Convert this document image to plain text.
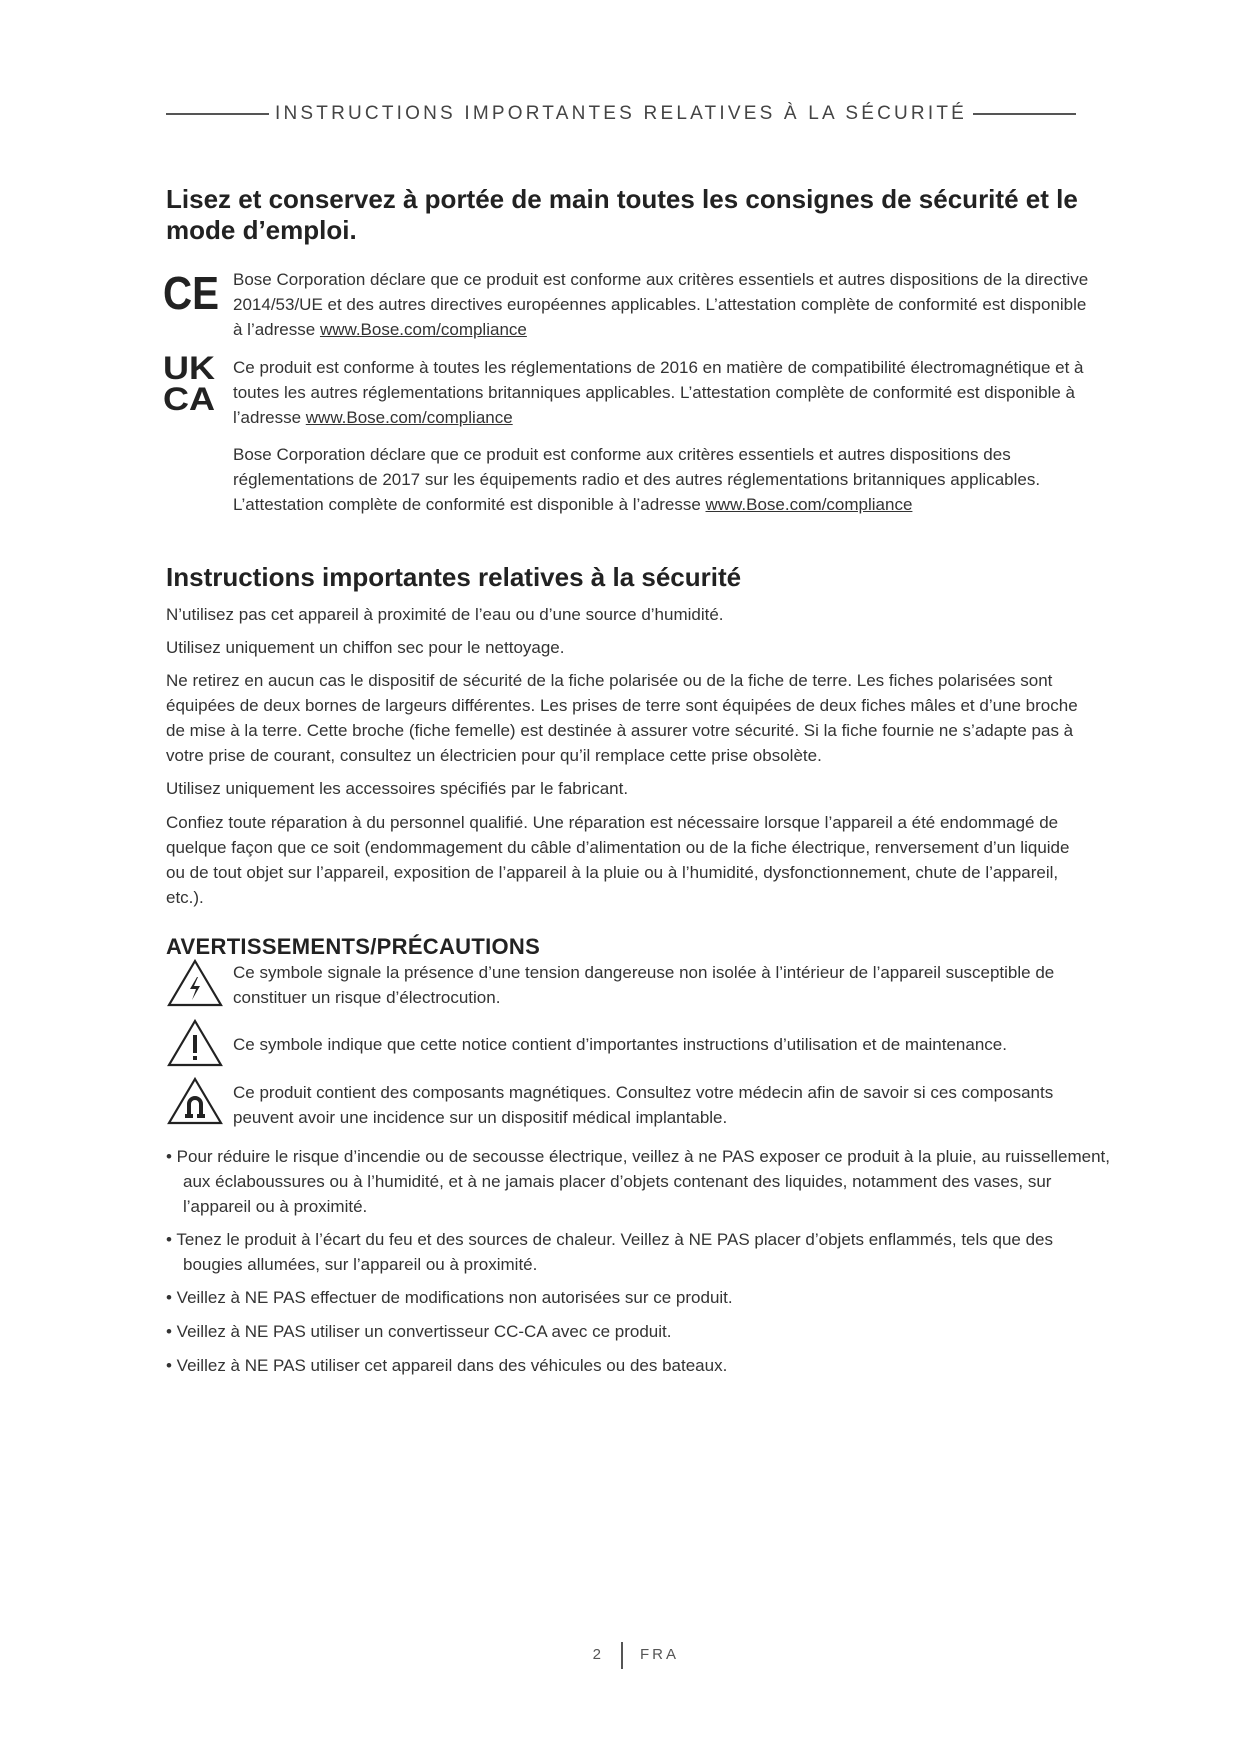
INSTRUCTIONS IMPORTANTES RELATIVES À LA SÉCURITÉ
Lisez et conservez à portée de main toutes les consignes de sécurité et le mode d’emploi.
CE Bose Corporation déclare que ce produit est conforme aux critères essentiels et autres dispositions de la directive 2014/53/UE et des autres directives européennes applicables. L’attestation complète de conformité est disponible à l’adresse www.Bose.com/compliance

UK
CA

Ce produit est conforme à toutes les réglementations de 2016 en matière de compatibilité électromagnétique et à toutes les autres réglementations britanniques applicables. L’attestation complète de conformité est disponible à l’adresse www.Bose.com/compliance

Bose Corporation déclare que ce produit est conforme aux critères essentiels et autres dispositions des réglementations de 2017 sur les équipements radio et des autres réglementations britanniques applicables. L’attestation complète de conformité est disponible à l’adresse www.Bose.com/compliance

Instructions importantes relatives à la sécurité

N’utilisez pas cet appareil à proximité de l’eau ou d’une source d’humidité.

Utilisez uniquement un chiffon sec pour le nettoyage.

Ne retirez en aucun cas le dispositif de sécurité de la fiche polarisée ou de la fiche de terre. Les fiches polarisées sont équipées de deux bornes de largeurs différentes. Les prises de terre sont équipées de deux fiches mâles et d’une broche de mise à la terre. Cette broche (fiche femelle) est destinée à assurer votre sécurité. Si la fiche fournie ne s’adapte pas à votre prise de courant, consultez un électricien pour qu’il remplace cette prise obsolète.

Utilisez uniquement les accessoires spécifiés par le fabricant.

Confiez toute réparation à du personnel qualifié. Une réparation est nécessaire lorsque l’appareil a été endommagé de quelque façon que ce soit (endommagement du câble d’alimentation ou de la fiche électrique, renversement d’un liquide ou de tout objet sur l’appareil, exposition de l’appareil à la pluie ou à l’humidité, dysfonctionnement, chute de l’appareil, etc.).

AVERTISSEMENTS/PRÉCAUTIONS

Ce symbole signale la présence d’une tension dangereuse non isolée à l’intérieur de l’appareil susceptible de constituer un risque d’électrocution.

Ce symbole indique que cette notice contient d’importantes instructions d’utilisation et de maintenance.

Ce produit contient des composants magnétiques. Consultez votre médecin afin de savoir si ces composants peuvent avoir une incidence sur un dispositif médical implantable.

• Pour réduire le risque d’incendie ou de secousse électrique, veillez à ne PAS exposer ce produit à la pluie, au ruissellement, aux éclaboussures ou à l’humidité, et à ne jamais placer d’objets contenant des liquides, notamment des vases, sur l’appareil ou à proximité.

• Tenez le produit à l’écart du feu et des sources de chaleur. Veillez à NE PAS placer d’objets enflammés, tels que des bougies allumées, sur l’appareil ou à proximité.

• Veillez à NE PAS effectuer de modifications non autorisées sur ce produit.

• Veillez à NE PAS utiliser un convertisseur CC-CA avec ce produit.

• Veillez à NE PAS utiliser cet appareil dans des véhicules ou des bateaux.

2 FRA
